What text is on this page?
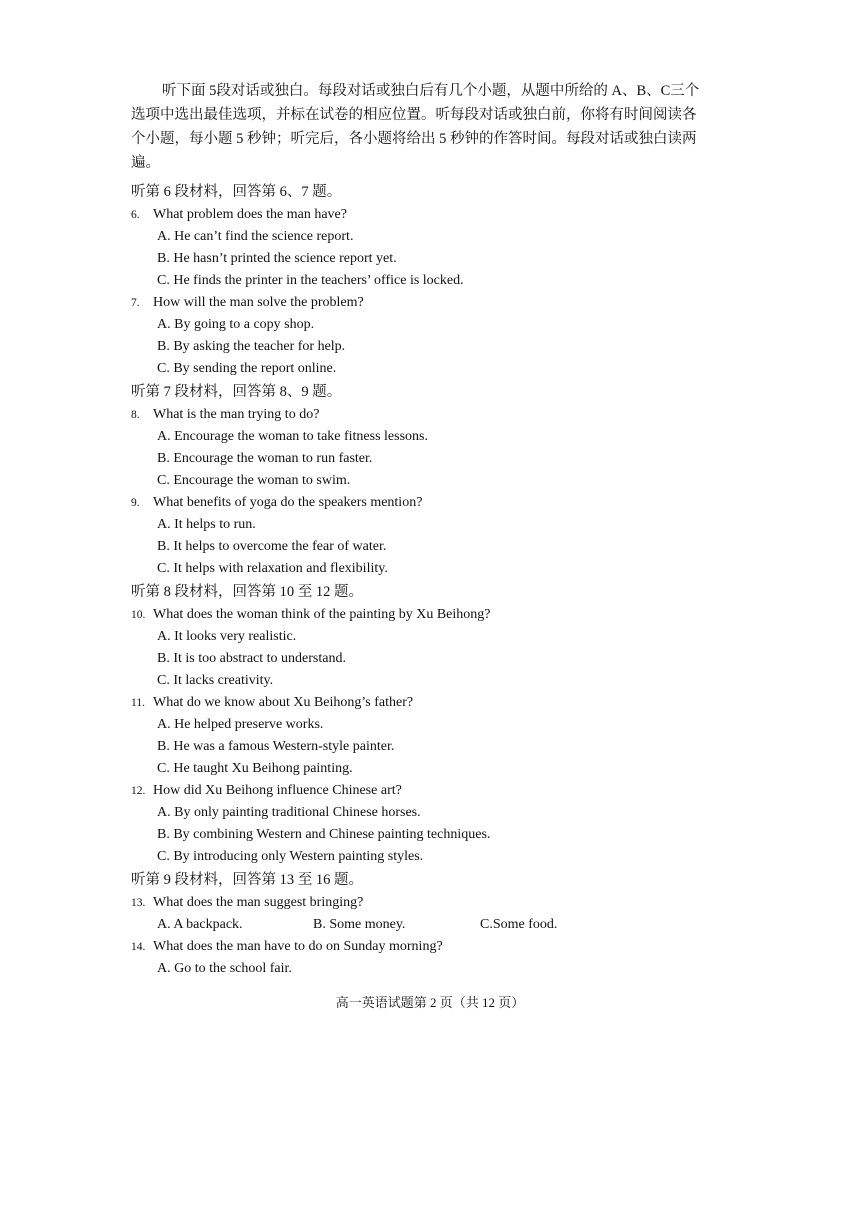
听下面 5段对话或独白。每段对话或独白后有几个小题，从题中所给的 A、B、C三个
选项中选出最佳选项，并标在试卷的相应位置。听每段对话或独白前，你将有时间阅读各
个小题，每小题 5 秒钟；听完后，各小题将给出 5 秒钟的作答时间。每段对话或独白读两
遍。
听第 6 段材料，回答第 6、7 题。
6. What problem does the man have?
A. He can’t find the science report.
B. He hasn’t printed the science report yet.
C. He finds the printer in the teachers’ office is locked.
7. How will the man solve the problem?
A. By going to a copy shop.
B. By asking the teacher for help.
C. By sending the report online.
听第 7 段材料，回答第 8、9 题。
8. What is the man trying to do?
A. Encourage the woman to take fitness lessons.
B. Encourage the woman to run faster.
C. Encourage the woman to swim.
9. What benefits of yoga do the speakers mention?
A. It helps to run.
B. It helps to overcome the fear of water.
C. It helps with relaxation and flexibility.
听第 8 段材料，回答第 10 至 12 题。
10. What does the woman think of the painting by Xu Beihong?
A. It looks very realistic.
B. It is too abstract to understand.
C. It lacks creativity.
11. What do we know about Xu Beihong’s father?
A. He helped preserve works.
B. He was a famous Western-style painter.
C. He taught Xu Beihong painting.
12. How did Xu Beihong influence Chinese art?
A. By only painting traditional Chinese horses.
B. By combining Western and Chinese painting techniques.
C. By introducing only Western painting styles.
听第 9 段材料，回答第 13 至 16 题。
13. What does the man suggest bringing?
A. A backpack.	B. Some money.	C.Some food.
14. What does the man have to do on Sunday morning?
A. Go to the school fair.
高一英语试题第 2 页（共 12 页）
